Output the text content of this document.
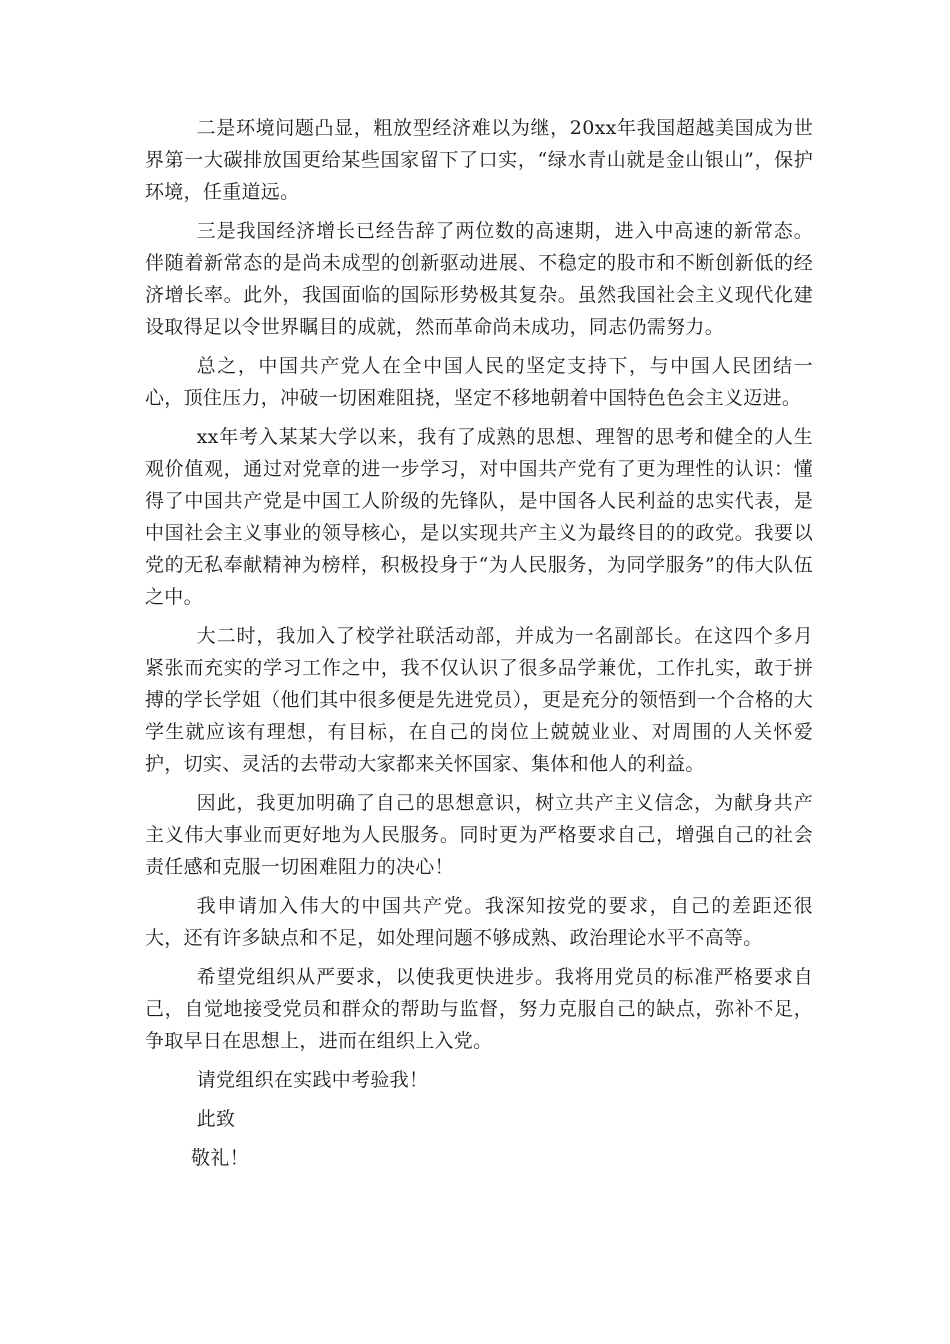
二是环境问题凸显，粗放型经济难以为继，20xx年我国超越美国成为世界第一大碳排放国更给某些国家留下了口实，“绿水青山就是金山银山”，保护环境，任重道远。

三是我国经济增长已经告辞了两位数的高速期，进入中高速的新常态。伴随着新常态的是尚未成型的创新驱动进展、不稳定的股市和不断创新低的经济增长率。此外，我国面临的国际形势极其复杂。虽然我国社会主义现代化建设取得足以令世界瞩目的成就，然而革命尚未成功，同志仍需努力。

总之，中国共产党人在全中国人民的坚定支持下，与中国人民团结一心，顶住压力，冲破一切困难阻挠，坚定不移地朝着中国特色色会主义迈进。

xx年考入某某大学以来，我有了成熟的思想、理智的思考和健全的人生观价值观，通过对党章的进一步学习，对中国共产党有了更为理性的认识：懂得了中国共产党是中国工人阶级的先锋队，是中国各人民利益的忠实代表，是中国社会主义事业的领导核心，是以实现共产主义为最终目的的政党。我要以党的无私奉献精神为榜样，积极投身于“为人民服务，为同学服务”的伟大队伍之中。

大二时，我加入了校学社联活动部，并成为一名副部长。在这四个多月紧张而充实的学习工作之中，我不仅认识了很多品学兼优，工作扎实，敢于拼搏的学长学姐（他们其中很多便是先进党员），更是充分的领悟到一个合格的大学生就应该有理想，有目标，在自己的岗位上兢兢业业、对周围的人关怀爱护，切实、灵活的去带动大家都来关怀国家、集体和他人的利益。

因此，我更加明确了自己的思想意识，树立共产主义信念，为献身共产主义伟大事业而更好地为人民服务。同时更为严格要求自己，增强自己的社会责任感和克服一切困难阻力的决心！

我申请加入伟大的中国共产党。我深知按党的要求，自己的差距还很大，还有许多缺点和不足，如处理问题不够成熟、政治理论水平不高等。

希望党组织从严要求，以使我更快进步。我将用党员的标准严格要求自己，自觉地接受党员和群众的帮助与监督，努力克服自己的缺点，弥补不足，争取早日在思想上，进而在组织上入党。

请党组织在实践中考验我！

此致

敬礼！
